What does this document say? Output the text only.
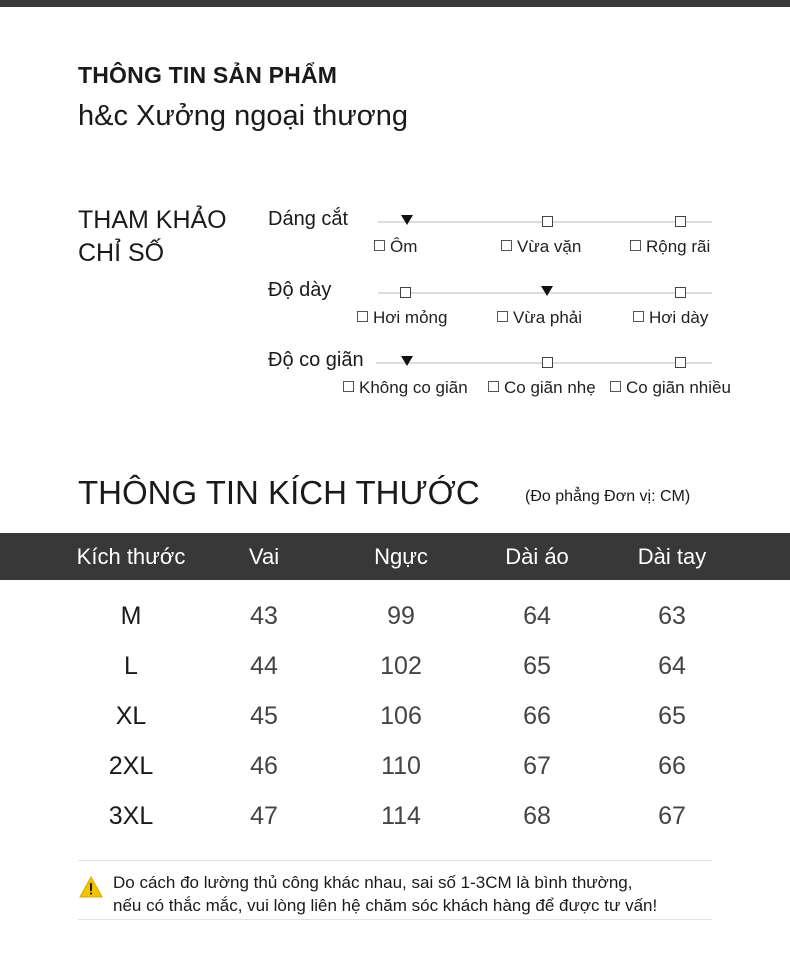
THÔNG TIN SẢN PHẨM
h&c Xưởng ngoại thương
THAM KHẢO
CHỈ SỐ
Dáng cắt
Ôm	Vừa vặn	Rộng rãi
Độ dày
Hơi mỏng	Vừa phải	Hơi dày
Độ co giãn
Không co giãn	Co giãn nhẹ	Co giãn nhiều
THÔNG TIN KÍCH THƯỚC	(Đo phẳng Đơn vị: CM)
Kích thước	Vai	Ngực	Dài áo	Dài tay
M	43	99	64	63
L	44	102	65	64
XL	45	106	66	65
2XL	46	110	67	66
3XL	47	114	68	67
Do cách đo lường thủ công khác nhau, sai số 1-3CM là bình thường,
nếu có thắc mắc, vui lòng liên hệ chăm sóc khách hàng để được tư vấn!
